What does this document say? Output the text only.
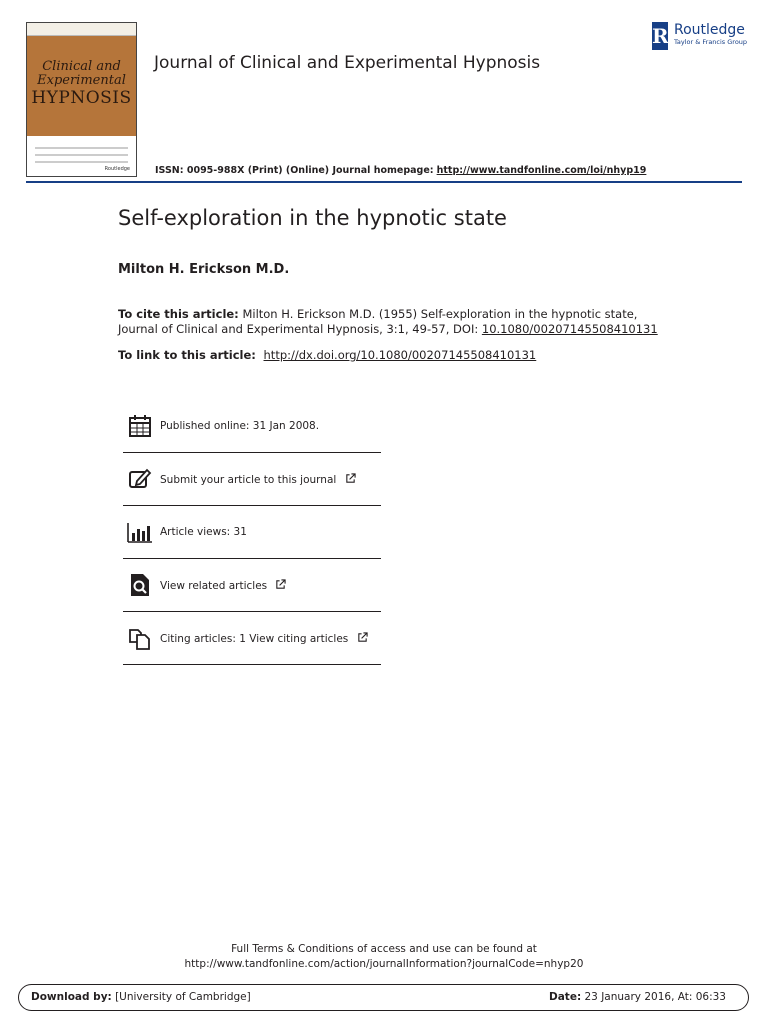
Clinical and
Experimental
HYPNOSIS
Routledge
Journal of Clinical and Experimental Hypnosis
ISSN: 0095-988X (Print) (Online) Journal homepage: http://www.tandfonline.com/loi/nhyp19
R Routledge
Taylor & Francis Group
Self-exploration in the hypnotic state
Milton H. Erickson M.D.
To cite this article: Milton H. Erickson M.D. (1955) Self-exploration in the hypnotic state, Journal of Clinical and Experimental Hypnosis, 3:1, 49-57, DOI: 10.1080/00207145508410131
To link to this article: http://dx.doi.org/10.1080/00207145508410131
Published online: 31 Jan 2008.
Submit your article to this journal
Article views: 31
View related articles
Citing articles: 1 View citing articles
Full Terms & Conditions of access and use can be found at
http://www.tandfonline.com/action/journalInformation?journalCode=nhyp20
Download by: [University of Cambridge]	Date: 23 January 2016, At: 06:33
